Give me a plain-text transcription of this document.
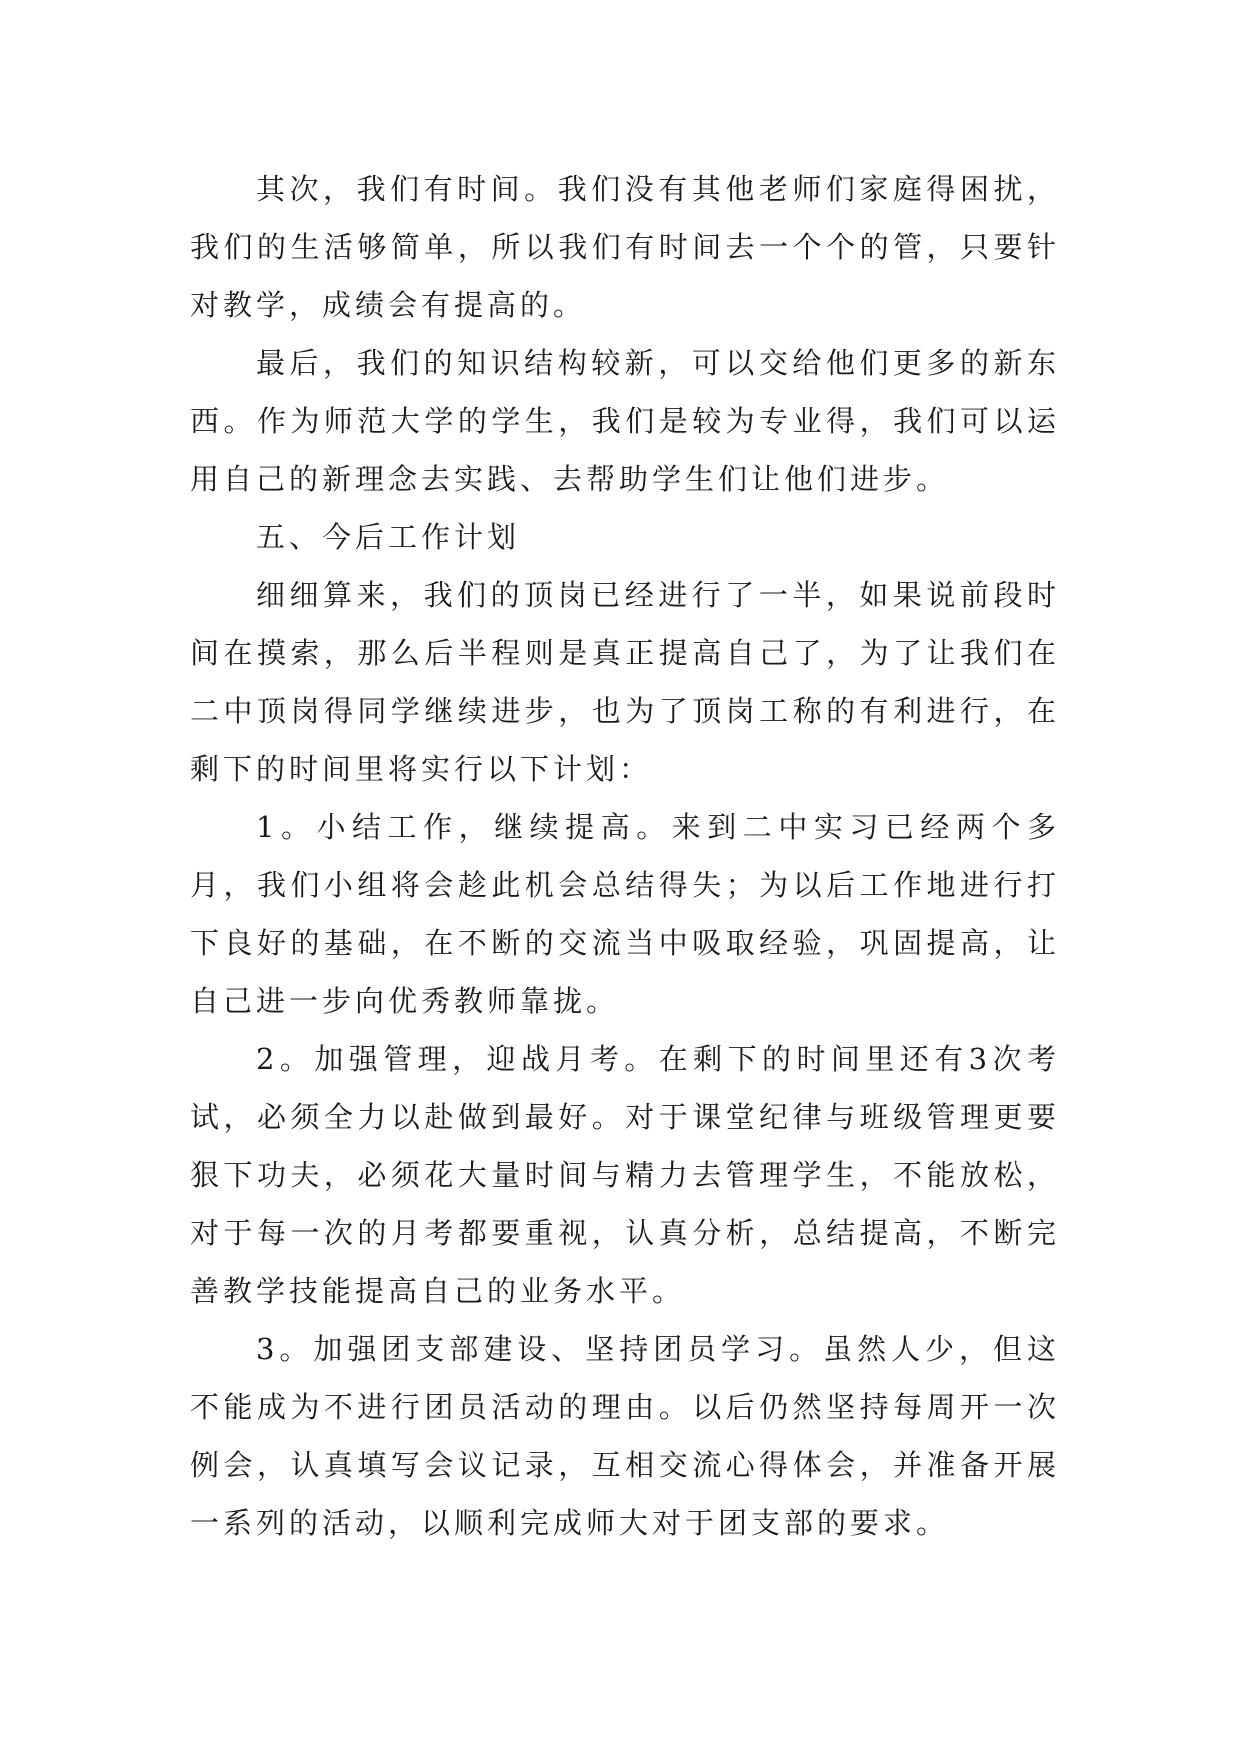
其次，我们有时间。我们没有其他老师们家庭得困扰，我们的生活够简单，所以我们有时间去一个个的管，只要针对教学，成绩会有提高的。

最后，我们的知识结构较新，可以交给他们更多的新东西。作为师范大学的学生，我们是较为专业得，我们可以运用自己的新理念去实践、去帮助学生们让他们进步。

五、今后工作计划

细细算来，我们的顶岗已经进行了一半，如果说前段时间在摸索，那么后半程则是真正提高自己了，为了让我们在二中顶岗得同学继续进步，也为了顶岗工称的有利进行，在剩下的时间里将实行以下计划：

1。小结工作，继续提高。来到二中实习已经两个多月，我们小组将会趁此机会总结得失；为以后工作地进行打下良好的基础，在不断的交流当中吸取经验，巩固提高，让自己进一步向优秀教师靠拢。

2。加强管理，迎战月考。在剩下的时间里还有3次考试，必须全力以赴做到最好。对于课堂纪律与班级管理更要狠下功夫，必须花大量时间与精力去管理学生，不能放松，对于每一次的月考都要重视，认真分析，总结提高，不断完善教学技能提高自己的业务水平。

3。加强团支部建设、坚持团员学习。虽然人少，但这不能成为不进行团员活动的理由。以后仍然坚持每周开一次例会，认真填写会议记录，互相交流心得体会，并准备开展一系列的活动，以顺利完成师大对于团支部的要求。
